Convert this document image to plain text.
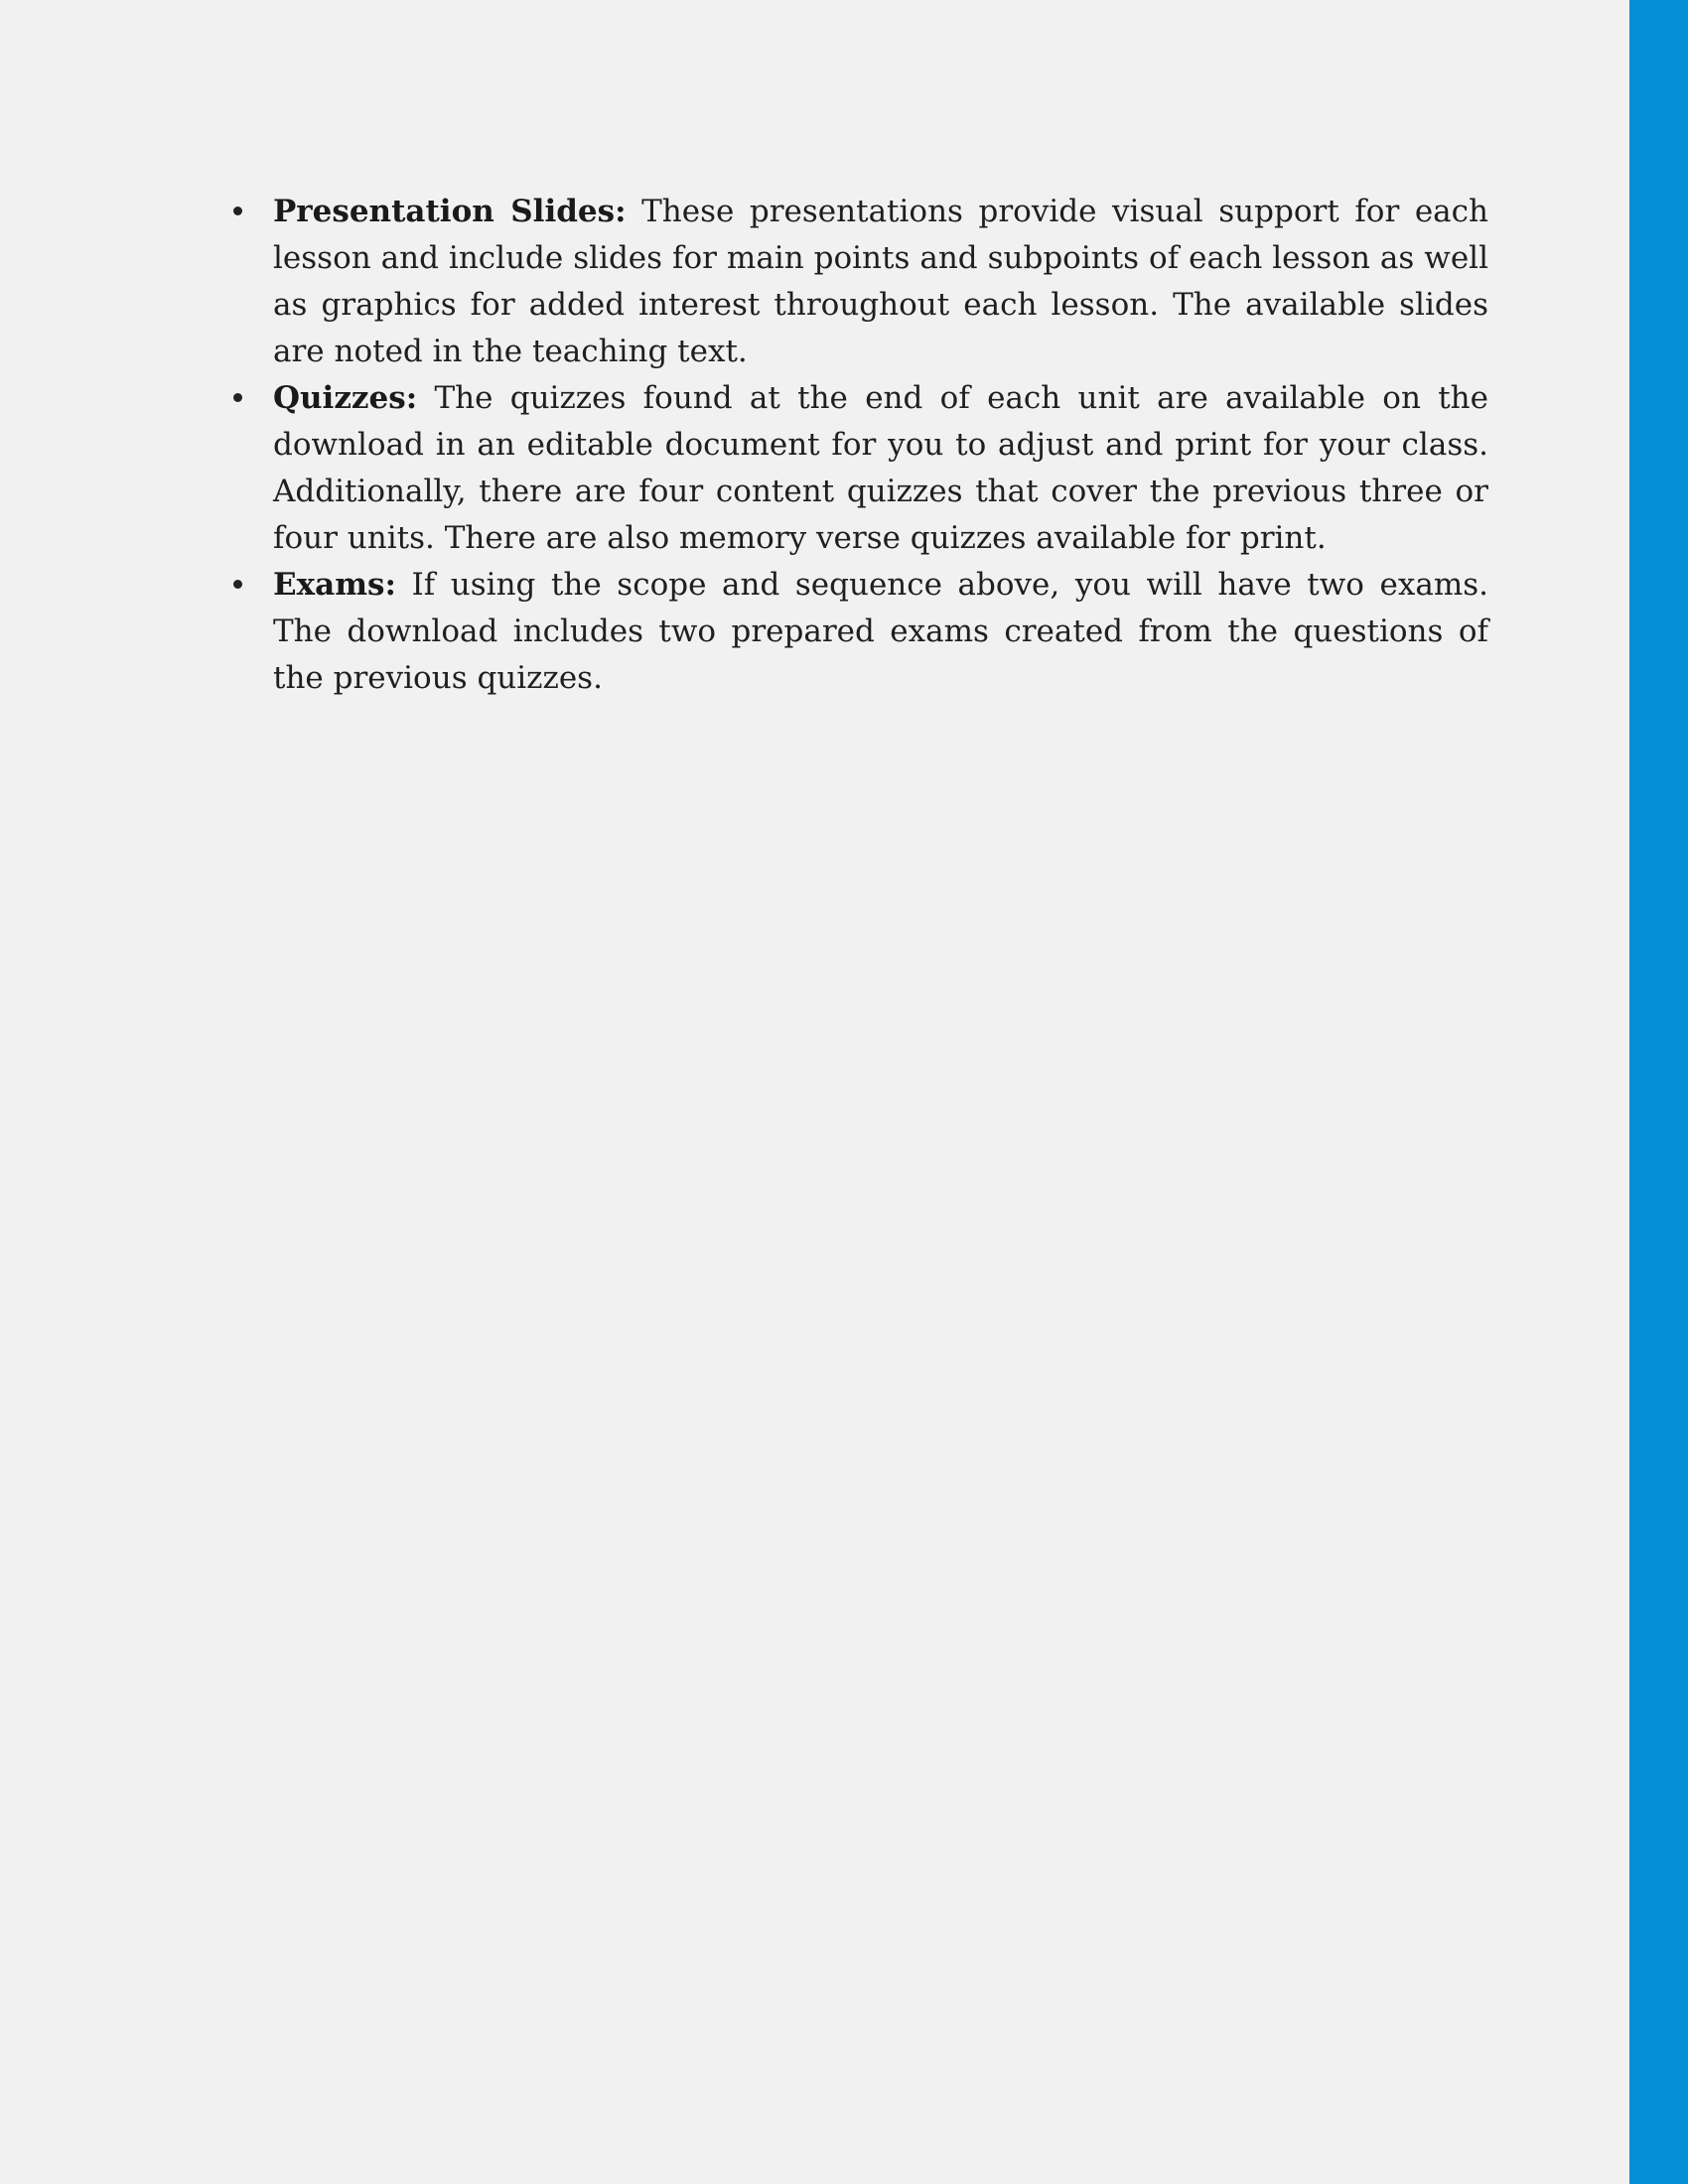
Presentation Slides: These presentations provide visual support for each lesson and include slides for main points and subpoints of each lesson as well as graphics for added interest throughout each lesson. The available slides are noted in the teaching text.
Quizzes: The quizzes found at the end of each unit are available on the download in an editable document for you to adjust and print for your class. Additionally, there are four content quizzes that cover the previous three or four units. There are also memory verse quizzes available for print.
Exams: If using the scope and sequence above, you will have two exams. The download includes two prepared exams created from the questions of the previous quizzes.
